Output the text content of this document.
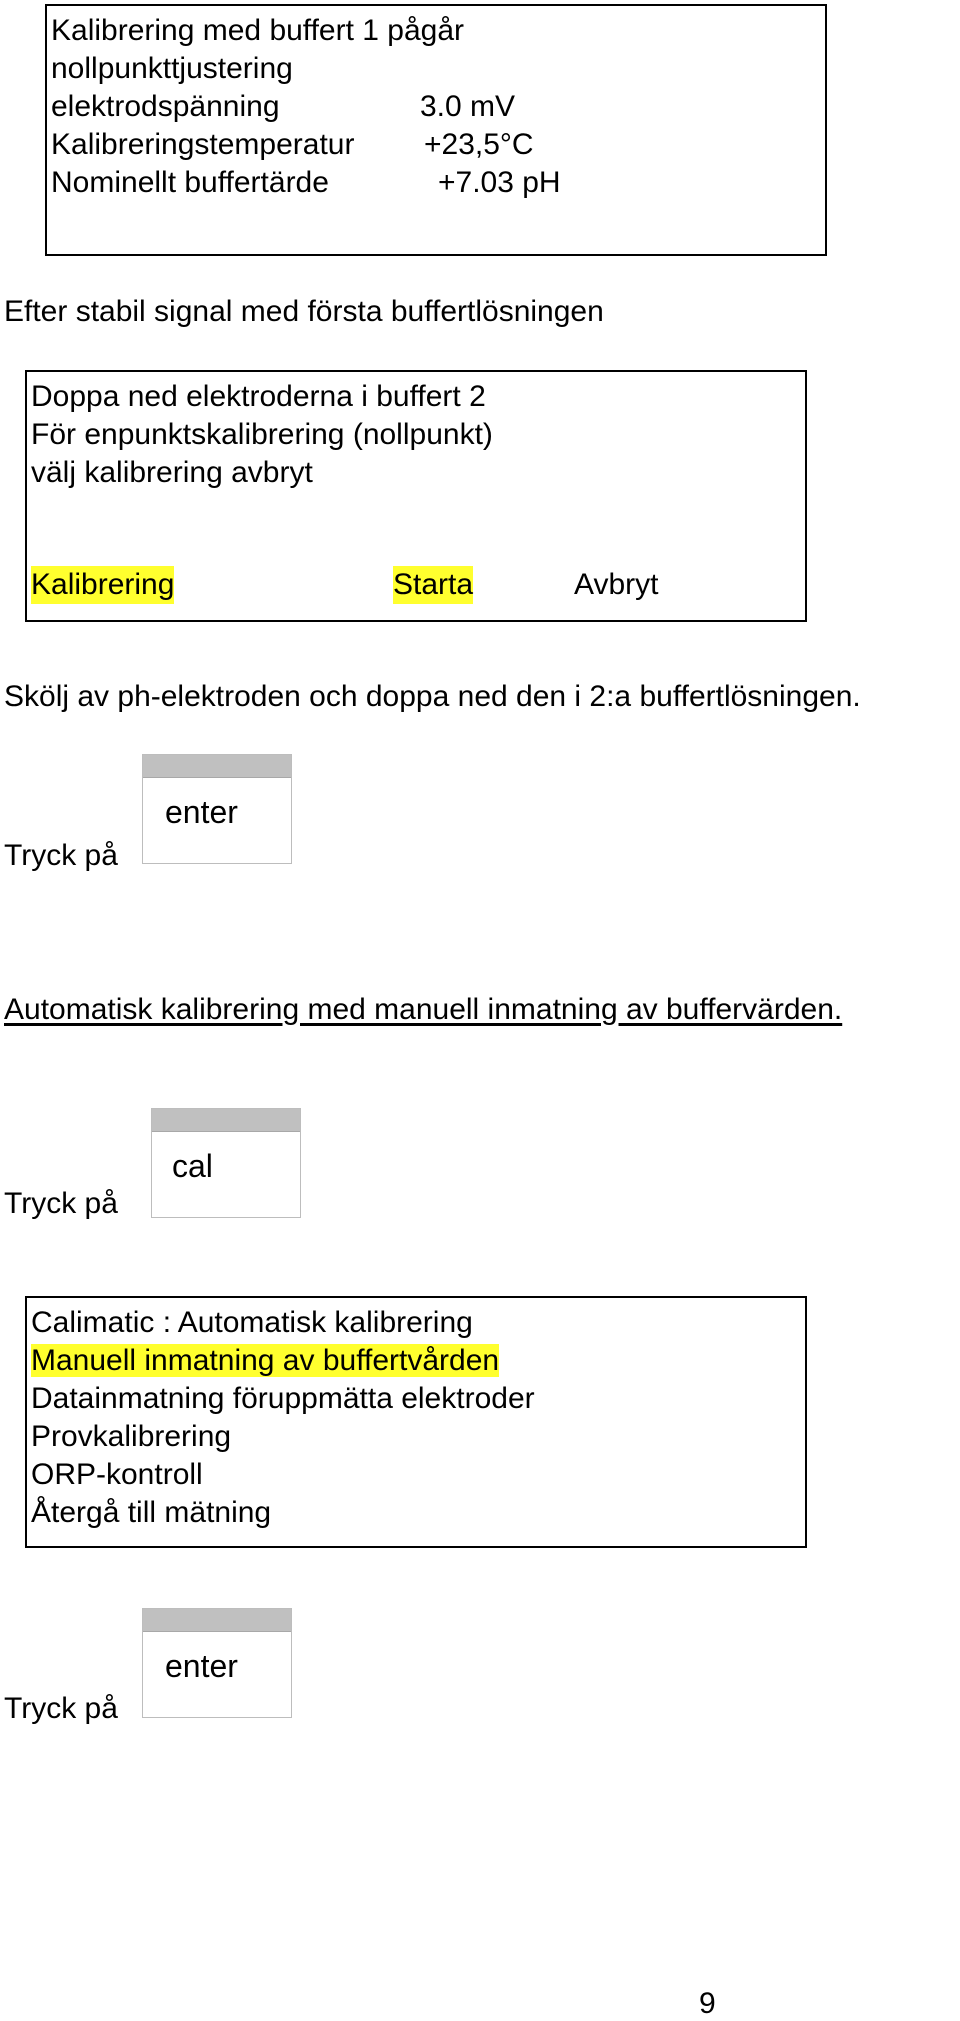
Kalibrering med buffert 1 pågår
nollpunkttjustering
elektrodspänning	3.0 mV
Kalibreringstemperatur +23,5°C
Nominellt buffertärde	+7.03 pH
Efter stabil signal med första buffertlösningen
Doppa ned elektroderna i buffert 2
För enpunktskalibrering (nollpunkt)
välj kalibrering avbryt
Kalibrering	Starta	Avbryt
Skölj av ph-elektroden och doppa ned den i 2:a buffertlösningen.
Tryck på
enter
Automatisk kalibrering med manuell inmatning av buffervärden.
Tryck på
cal
Calimatic : Automatisk kalibrering
Manuell inmatning av buffertvården
Datainmatning föruppmätta elektroder
Provkalibrering
ORP-kontroll
Återgå till mätning
Tryck på
enter
9
